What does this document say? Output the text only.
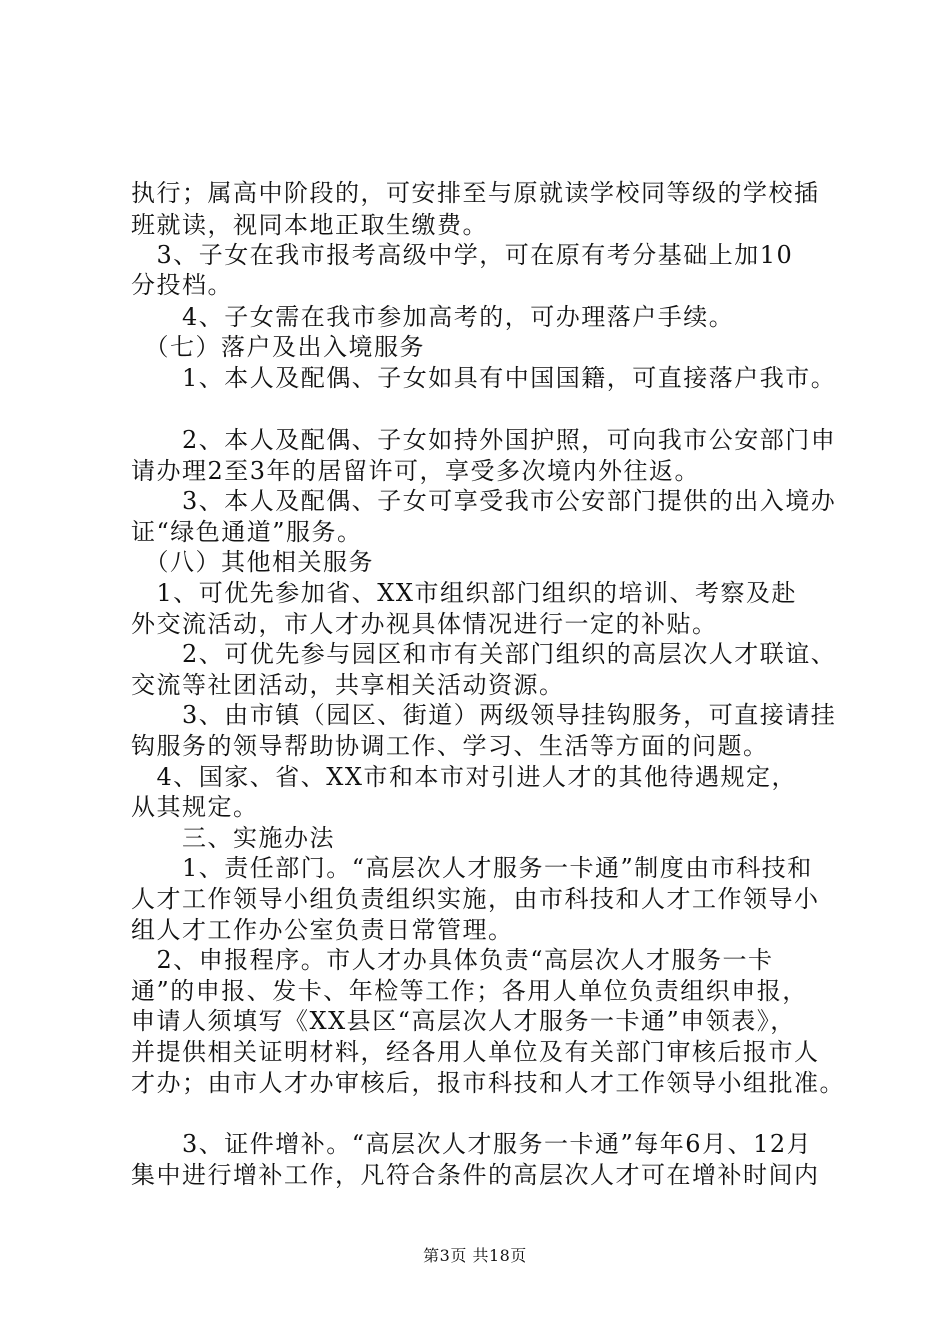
执行；属高中阶段的，可安排至与原就读学校同等级的学校插
班就读，视同本地正取生缴费。
　3、子女在我市报考高级中学，可在原有考分基础上加10
分投档。
　　4、子女需在我市参加高考的，可办理落户手续。
　（七）落户及出入境服务
　　1、本人及配偶、子女如具有中国国籍，可直接落户我市。
　　2、本人及配偶、子女如持外国护照，可向我市公安部门申
请办理2至3年的居留许可，享受多次境内外往返。
　　3、本人及配偶、子女可享受我市公安部门提供的出入境办
证“绿色通道”服务。
　（八）其他相关服务
　1、可优先参加省、XX市组织部门组织的培训、考察及赴
外交流活动，市人才办视具体情况进行一定的补贴。
　　2、可优先参与园区和市有关部门组织的高层次人才联谊、
交流等社团活动，共享相关活动资源。
　　3、由市镇（园区、街道）两级领导挂钩服务，可直接请挂
钩服务的领导帮助协调工作、学习、生活等方面的问题。
　4、国家、省、XX市和本市对引进人才的其他待遇规定，
从其规定。
　　三、实施办法
　　1、责任部门。“高层次人才服务一卡通”制度由市科技和
人才工作领导小组负责组织实施，由市科技和人才工作领导小
组人才工作办公室负责日常管理。
　2、申报程序。市人才办具体负责“高层次人才服务一卡
通”的申报、发卡、年检等工作；各用人单位负责组织申报，
申请人须填写《XX县区“高层次人才服务一卡通”申领表》，
并提供相关证明材料，经各用人单位及有关部门审核后报市人
才办；由市人才办审核后，报市科技和人才工作领导小组批准。
　　3、证件增补。“高层次人才服务一卡通”每年6月、12月
集中进行增补工作，凡符合条件的高层次人才可在增补时间内
第3页 共18页
